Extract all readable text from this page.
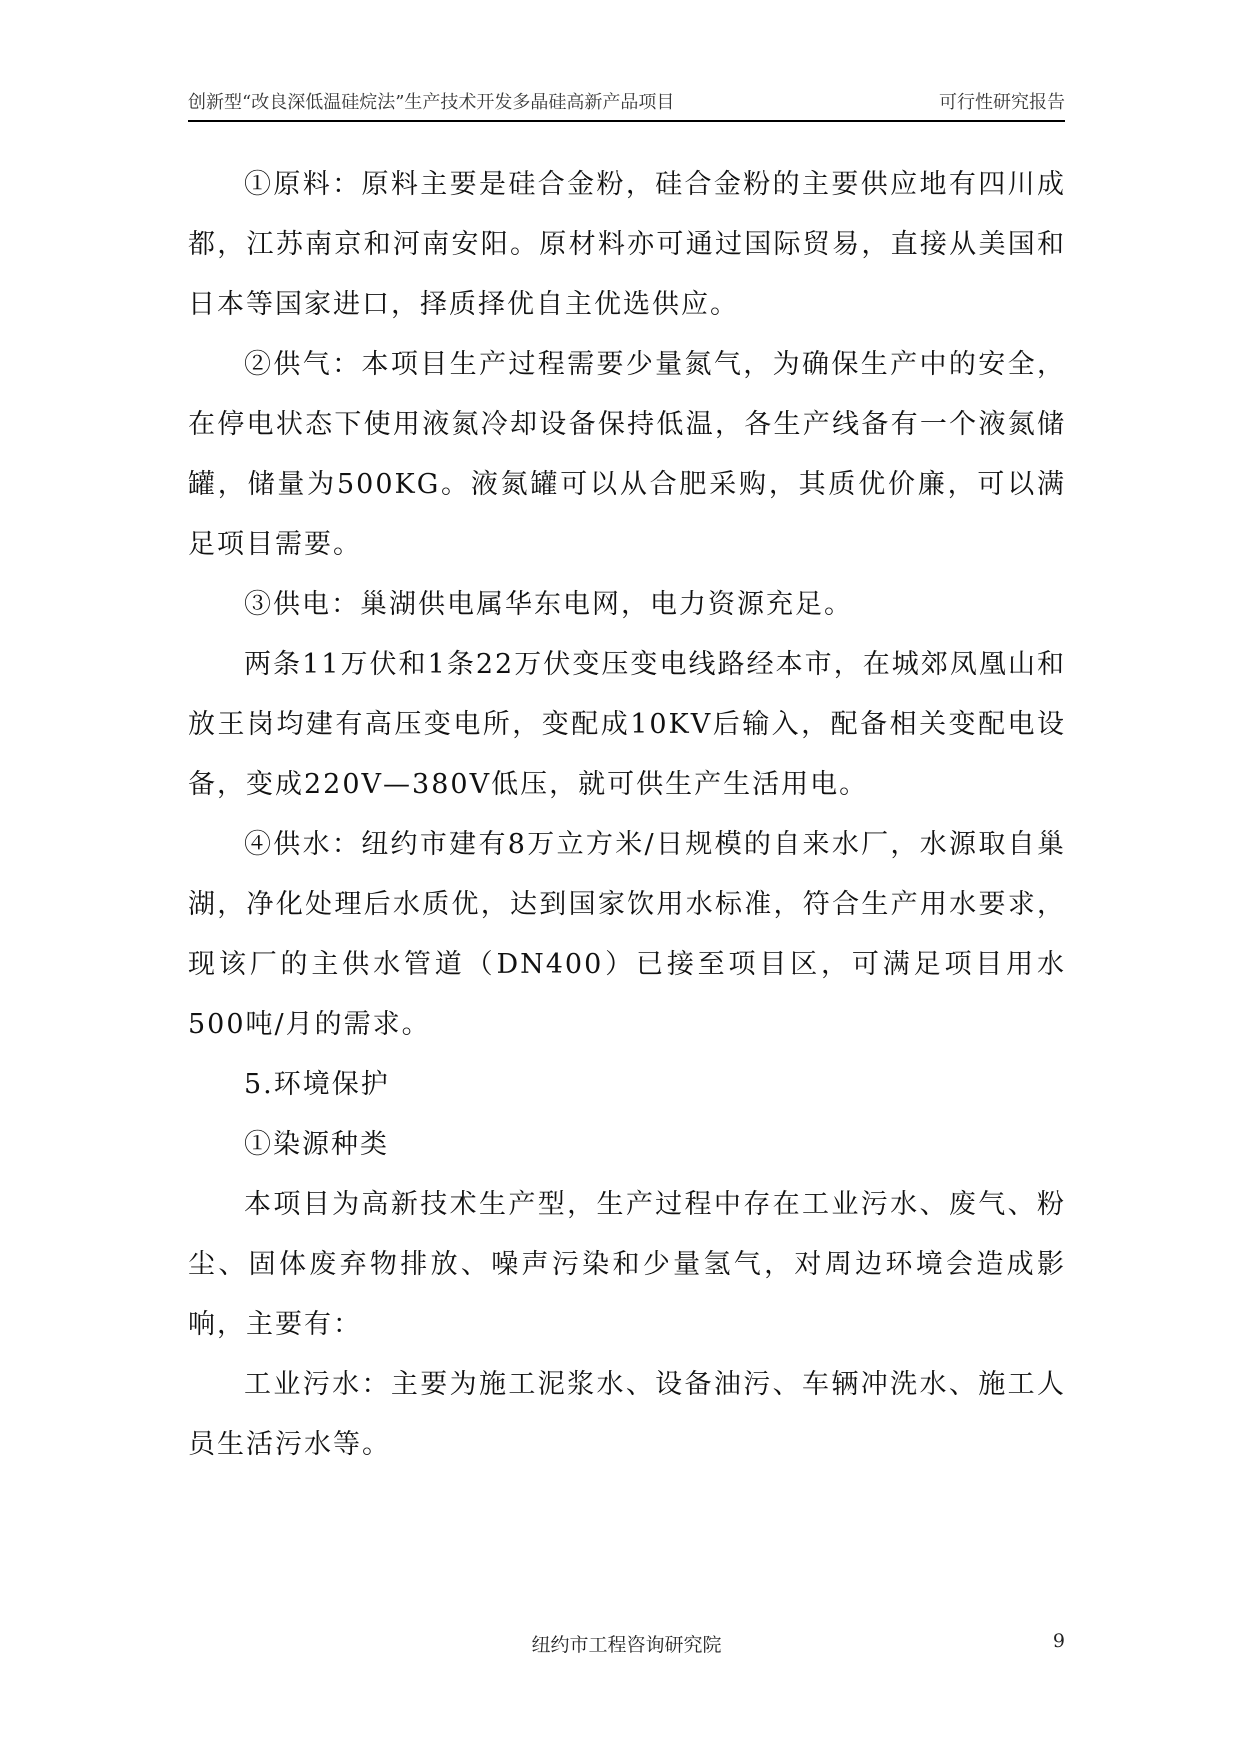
创新型“改良深低温硅烷法”生产技术开发多晶硅高新产品项目	可行性研究报告

①原料：原料主要是硅合金粉，硅合金粉的主要供应地有四川成都，江苏南京和河南安阳。原材料亦可通过国际贸易，直接从美国和日本等国家进口，择质择优自主优选供应。

②供气：本项目生产过程需要少量氮气，为确保生产中的安全，在停电状态下使用液氮冷却设备保持低温，各生产线备有一个液氮储罐，储量为500KG。液氮罐可以从合肥采购，其质优价廉，可以满足项目需要。

③供电：巢湖供电属华东电网，电力资源充足。

两条11万伏和1条22万伏变压变电线路经本市，在城郊凤凰山和放王岗均建有高压变电所，变配成10KV后输入，配备相关变配电设备，变成220V—380V低压，就可供生产生活用电。

④供水：纽约市建有8万立方米/日规模的自来水厂，水源取自巢湖，净化处理后水质优，达到国家饮用水标准，符合生产用水要求，现该厂的主供水管道（DN400）已接至项目区，可满足项目用水500吨/月的需求。

5.环境保护

①染源种类

本项目为高新技术生产型，生产过程中存在工业污水、废气、粉尘、固体废弃物排放、噪声污染和少量氢气，对周边环境会造成影响，主要有：

工业污水：主要为施工泥浆水、设备油污、车辆冲洗水、施工人员生活污水等。

纽约市工程咨询研究院	9
